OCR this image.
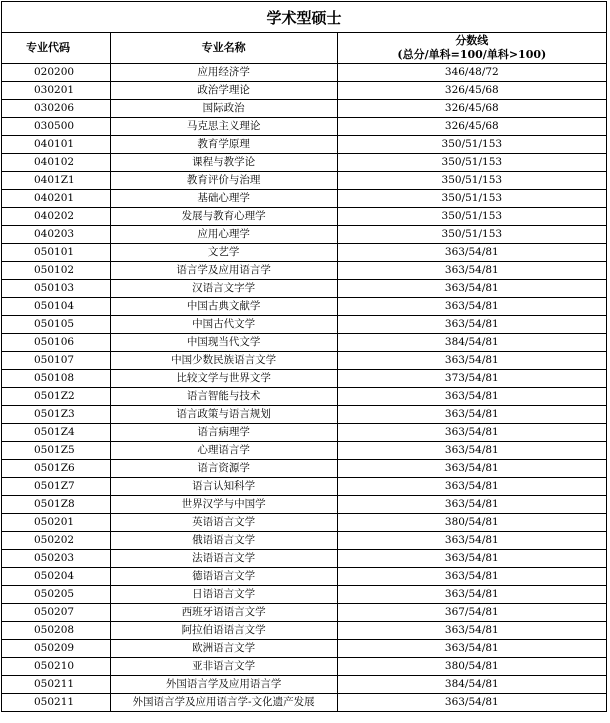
学术型硕士		
专业代码	专业名称	分数线
(总分/单科=100/单科>100)

020200	应用经济学	346/48/72
030201	政治学理论	326/45/68
030206	国际政治	326/45/68
030500	马克思主义理论	326/45/68
040101	教育学原理	350/51/153
040102	课程与教学论	350/51/153
0401Z1	教育评价与治理	350/51/153
040201	基础心理学	350/51/153
040202	发展与教育心理学	350/51/153
040203	应用心理学	350/51/153
050101	文艺学	363/54/81
050102	语言学及应用语言学	363/54/81
050103	汉语言文字学	363/54/81
050104	中国古典文献学	363/54/81
050105	中国古代文学	363/54/81
050106	中国现当代文学	384/54/81
050107	中国少数民族语言文学	363/54/81
050108	比较文学与世界文学	373/54/81
0501Z2	语言智能与技术	363/54/81
0501Z3	语言政策与语言规划	363/54/81
0501Z4	语言病理学	363/54/81
0501Z5	心理语言学	363/54/81
0501Z6	语言资源学	363/54/81
0501Z7	语言认知科学	363/54/81
0501Z8	世界汉学与中国学	363/54/81
050201	英语语言文学	380/54/81
050202	俄语语言文学	363/54/81
050203	法语语言文学	363/54/81
050204	德语语言文学	363/54/81
050205	日语语言文学	363/54/81
050207	西班牙语语言文学	367/54/81
050208	阿拉伯语语言文学	363/54/81
050209	欧洲语言文学	363/54/81
050210	亚非语言文学	380/54/81
050211	外国语言学及应用语言学	384/54/81
050211	外国语言学及应用语言学-文化遗产发展	363/54/81
